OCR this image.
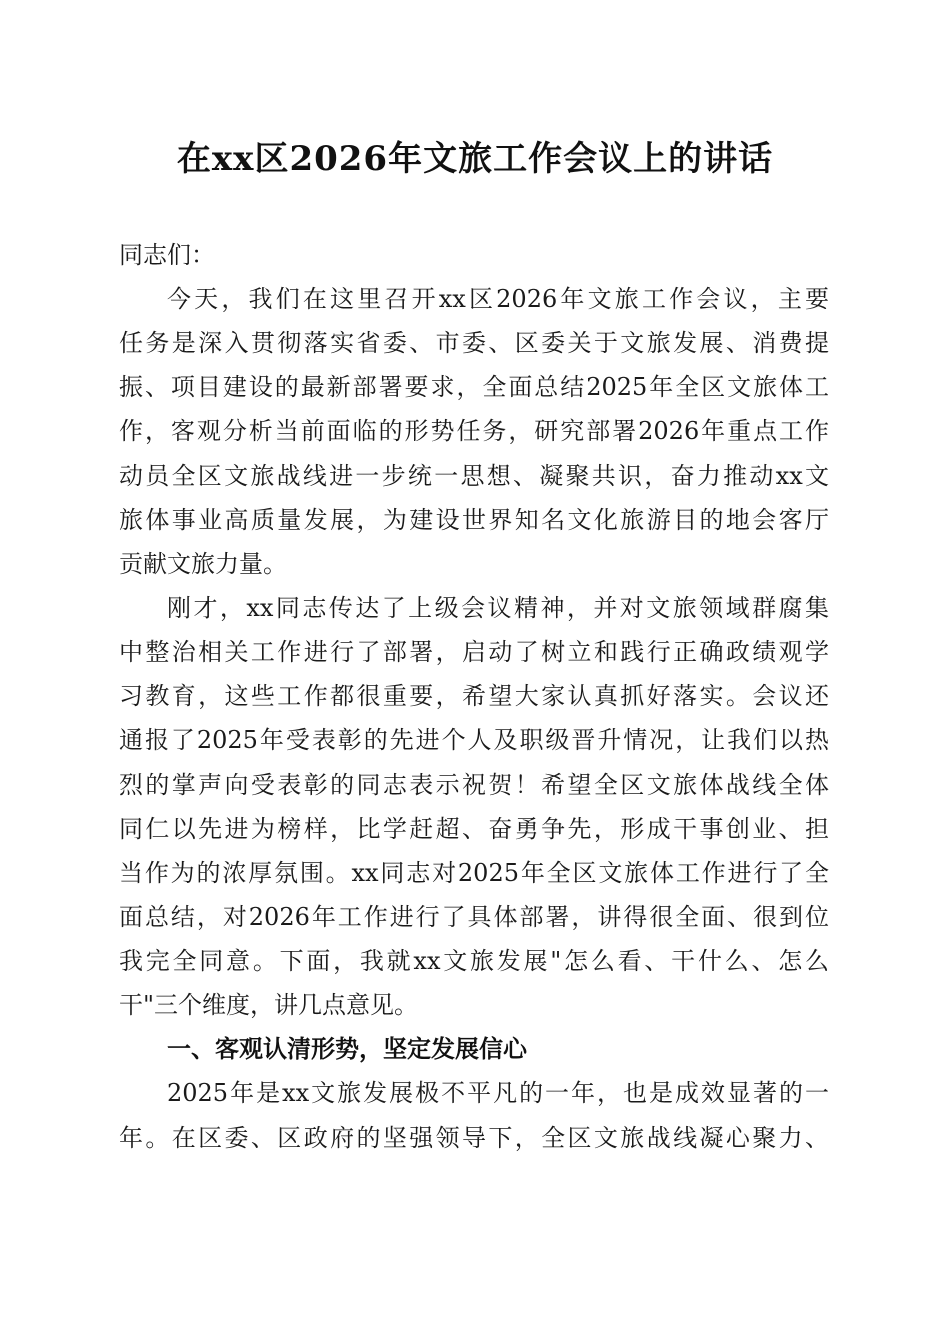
在xx区2026年文旅工作会议上的讲话
同志们：
今天，我们在这里召开xx区2026年文旅工作会议，主要
任务是深入贯彻落实省委、市委、区委关于文旅发展、消费提
振、项目建设的最新部署要求，全面总结2025年全区文旅体工
作，客观分析当前面临的形势任务，研究部署2026年重点工作
动员全区文旅战线进一步统一思想、凝聚共识，奋力推动xx文
旅体事业高质量发展，为建设世界知名文化旅游目的地会客厅
贡献文旅力量。
刚才，xx同志传达了上级会议精神，并对文旅领域群腐集
中整治相关工作进行了部署，启动了树立和践行正确政绩观学
习教育，这些工作都很重要，希望大家认真抓好落实。会议还
通报了2025年受表彰的先进个人及职级晋升情况，让我们以热
烈的掌声向受表彰的同志表示祝贺！希望全区文旅体战线全体
同仁以先进为榜样，比学赶超、奋勇争先，形成干事创业、担
当作为的浓厚氛围。xx同志对2025年全区文旅体工作进行了全
面总结，对2026年工作进行了具体部署，讲得很全面、很到位
我完全同意。下面，我就xx文旅发展"怎么看、干什么、怎么
干"三个维度，讲几点意见。
一、客观认清形势，坚定发展信心
2025年是xx文旅发展极不平凡的一年，也是成效显著的一
年。在区委、区政府的坚强领导下，全区文旅战线凝心聚力、
